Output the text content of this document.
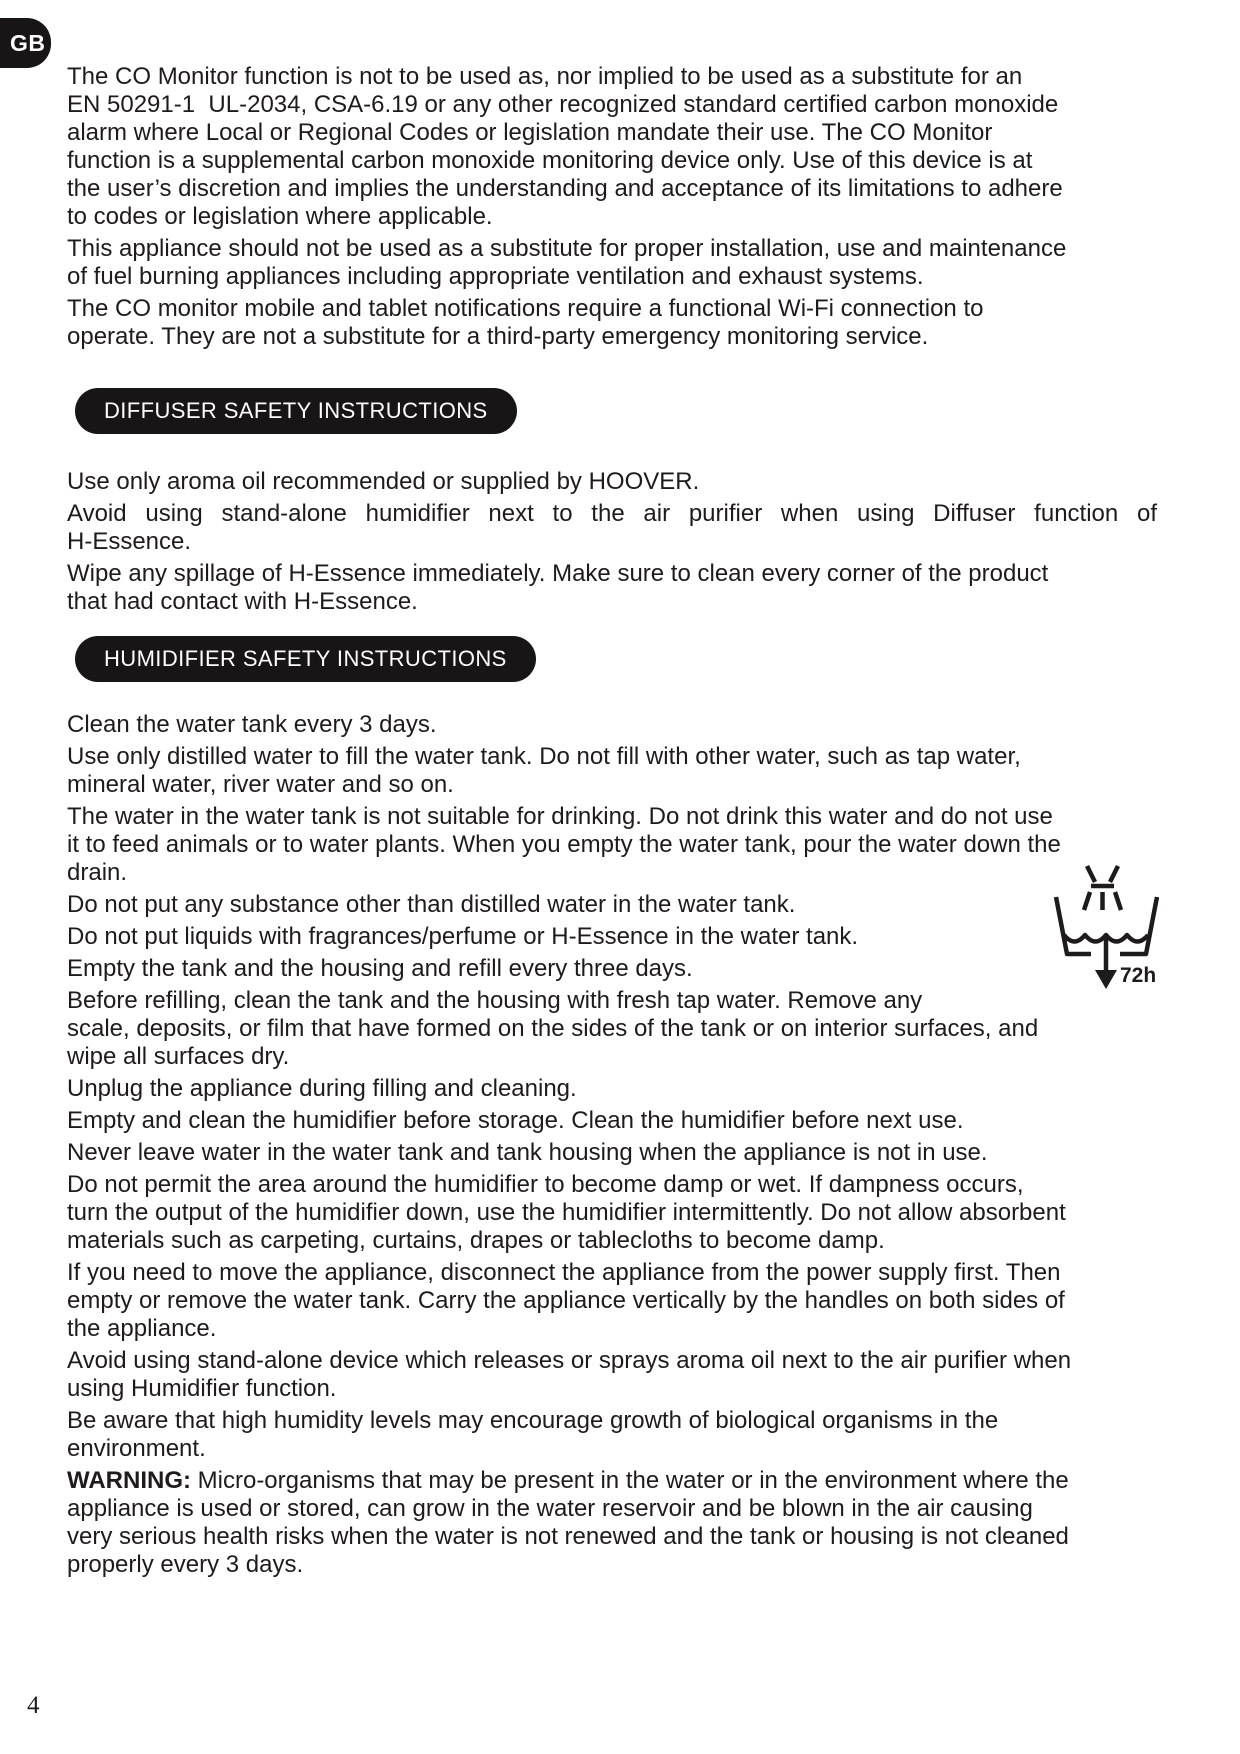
GB
The CO Monitor function is not to be used as, nor implied to be used as a substitute for an
EN 50291-1  UL-2034, CSA-6.19 or any other recognized standard certified carbon monoxide
alarm where Local or Regional Codes or legislation mandate their use. The CO Monitor
function is a supplemental carbon monoxide monitoring device only. Use of this device is at
the user’s discretion and implies the understanding and acceptance of its limitations to adhere
to codes or legislation where applicable.
This appliance should not be used as a substitute for proper installation, use and maintenance
of fuel burning appliances including appropriate ventilation and exhaust systems.
The CO monitor mobile and tablet notifications require a functional Wi-Fi connection to
operate. They are not a substitute for a third-party emergency monitoring service.
DIFFUSER SAFETY INSTRUCTIONS
Use only aroma oil recommended or supplied by HOOVER.
Avoid using stand-alone humidifier next to the air purifier when using Diffuser function of
H-Essence.
Wipe any spillage of H-Essence immediately. Make sure to clean every corner of the product
that had contact with H-Essence.
HUMIDIFIER SAFETY INSTRUCTIONS
Clean the water tank every 3 days.
Use only distilled water to fill the water tank. Do not fill with other water, such as tap water,
mineral water, river water and so on.
The water in the water tank is not suitable for drinking. Do not drink this water and do not use
it to feed animals or to water plants. When you empty the water tank, pour the water down the
drain.
Do not put any substance other than distilled water in the water tank.
Do not put liquids with fragrances/perfume or H-Essence in the water tank.
Empty the tank and the housing and refill every three days.
Before refilling, clean the tank and the housing with fresh tap water. Remove any
scale, deposits, or film that have formed on the sides of the tank or on interior surfaces, and
wipe all surfaces dry.
Unplug the appliance during filling and cleaning.
Empty and clean the humidifier before storage. Clean the humidifier before next use.
Never leave water in the water tank and tank housing when the appliance is not in use.
Do not permit the area around the humidifier to become damp or wet. If dampness occurs,
turn the output of the humidifier down, use the humidifier intermittently. Do not allow absorbent
materials such as carpeting, curtains, drapes or tablecloths to become damp.
If you need to move the appliance, disconnect the appliance from the power supply first. Then
empty or remove the water tank. Carry the appliance vertically by the handles on both sides of
the appliance.
Avoid using stand-alone device which releases or sprays aroma oil next to the air purifier when
using Humidifier function.
Be aware that high humidity levels may encourage growth of biological organisms in the
environment.
WARNING: Micro-organisms that may be present in the water or in the environment where the
appliance is used or stored, can grow in the water reservoir and be blown in the air causing
very serious health risks when the water is not renewed and the tank or housing is not cleaned
properly every 3 days.
72h
4
